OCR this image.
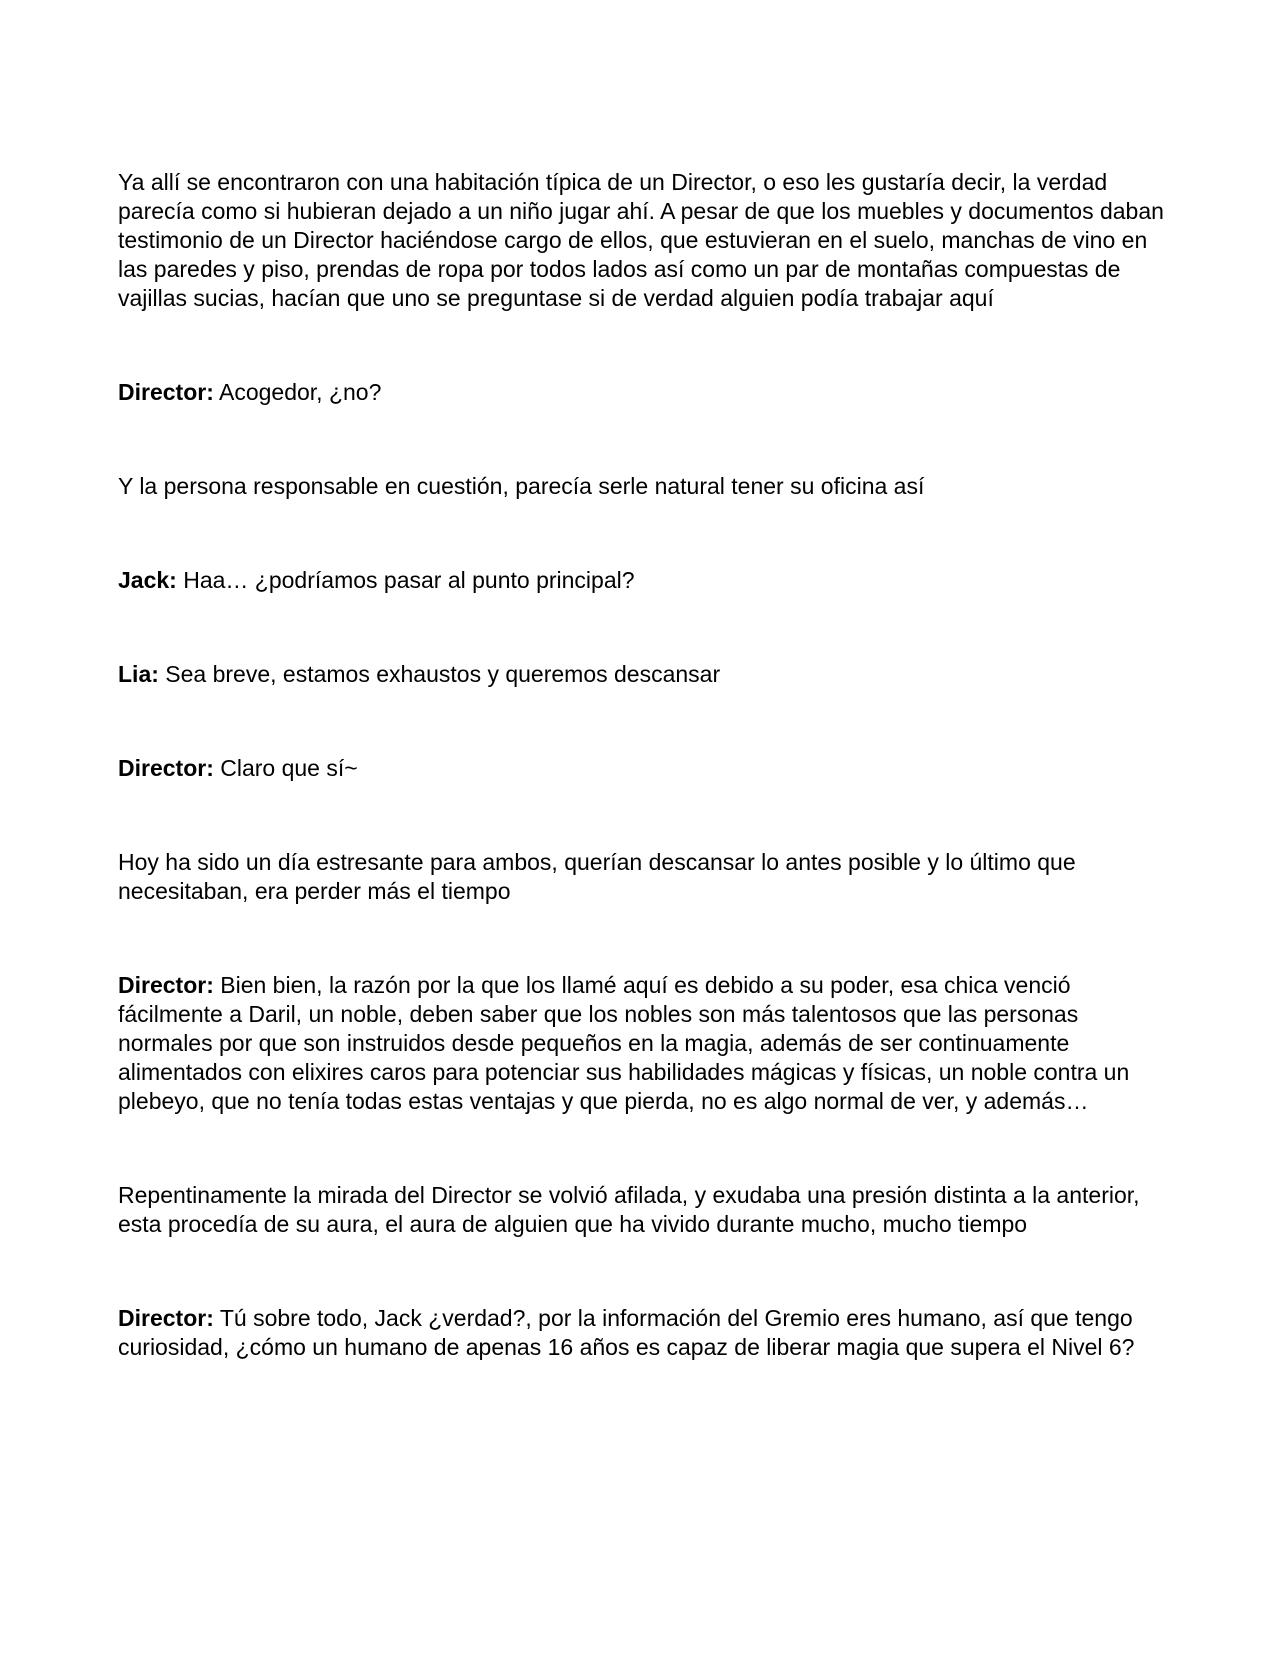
Ya allí se encontraron con una habitación típica de un Director, o eso les gustaría decir, la verdad parecía como si hubieran dejado a un niño jugar ahí. A pesar de que los muebles y documentos daban testimonio de un Director haciéndose cargo de ellos, que estuvieran en el suelo, manchas de vino en las paredes y piso, prendas de ropa por todos lados así como un par de montañas compuestas de vajillas sucias, hacían que uno se preguntase si de verdad alguien podía trabajar aquí

Director: Acogedor, ¿no?

Y la persona responsable en cuestión, parecía serle natural tener su oficina así

Jack: Haa… ¿podríamos pasar al punto principal?

Lia: Sea breve, estamos exhaustos y queremos descansar

Director: Claro que sí~

Hoy ha sido un día estresante para ambos, querían descansar lo antes posible y lo último que necesitaban, era perder más el tiempo

Director: Bien bien, la razón por la que los llamé aquí es debido a su poder, esa chica venció fácilmente a Daril, un noble, deben saber que los nobles son más talentosos que las personas normales por que son instruidos desde pequeños en la magia, además de ser continuamente alimentados con elixires caros para potenciar sus habilidades mágicas y físicas, un noble contra un plebeyo, que no tenía todas estas ventajas y que pierda, no es algo normal de ver, y además…

Repentinamente la mirada del Director se volvió afilada, y exudaba una presión distinta a la anterior, esta procedía de su aura, el aura de alguien que ha vivido durante mucho, mucho tiempo

Director: Tú sobre todo, Jack ¿verdad?, por la información del Gremio eres humano, así que tengo curiosidad, ¿cómo un humano de apenas 16 años es capaz de liberar magia que supera el Nivel 6?
